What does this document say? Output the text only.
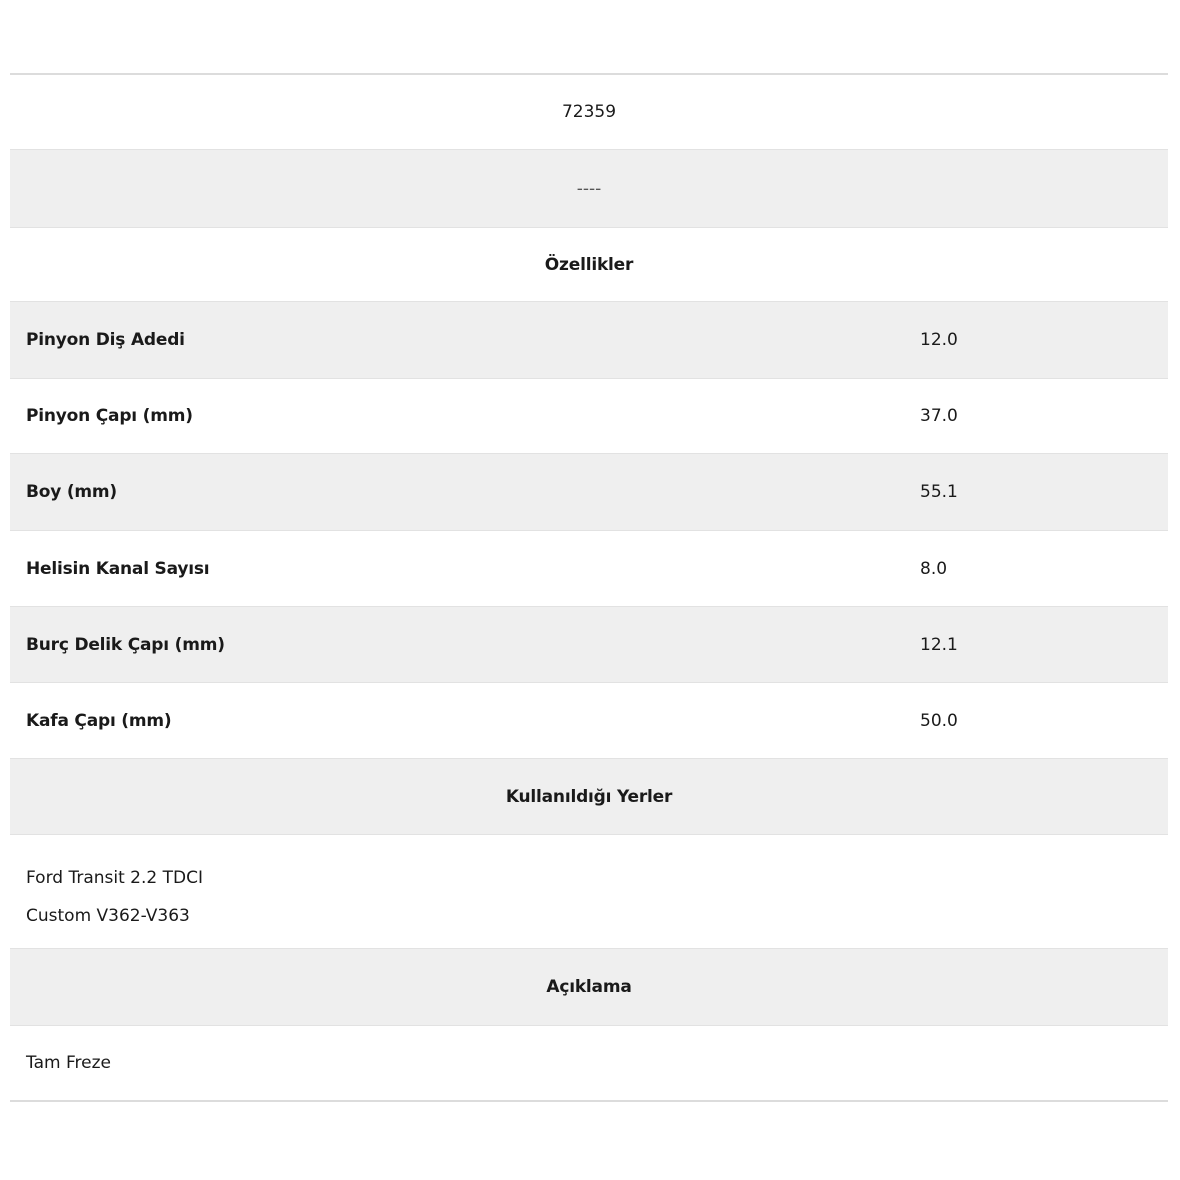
72359
----
Özellikler
Pinyon Diş Adedi	12.0
Pinyon Çapı (mm)	37.0
Boy (mm)	55.1
Helisin Kanal Sayısı	8.0
Burç Delik Çapı (mm)	12.1
Kafa Çapı (mm)	50.0
Kullanıldığı Yerler
Ford Transit 2.2 TDCI
Custom V362-V363
Açıklama
Tam Freze
